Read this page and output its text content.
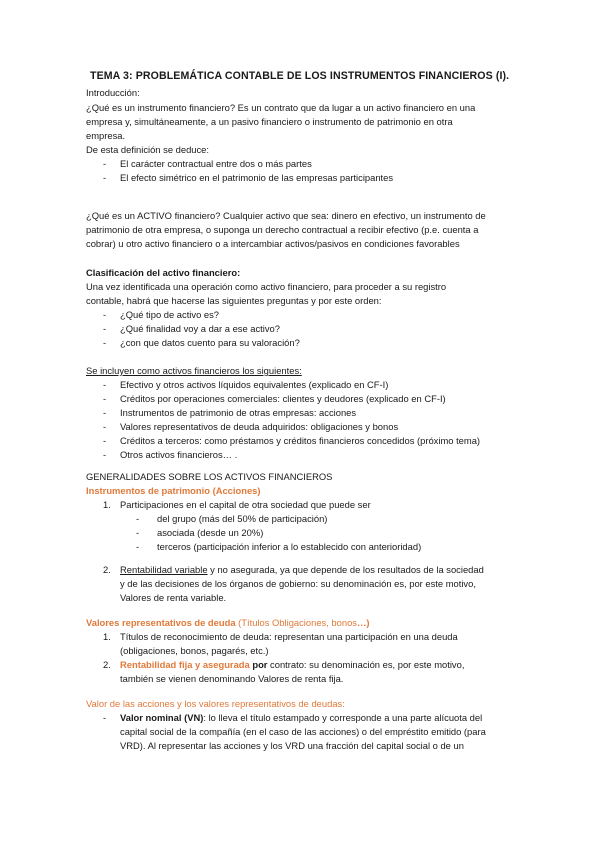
TEMA 3: PROBLEMÁTICA CONTABLE DE LOS INSTRUMENTOS FINANCIEROS (I).
Introducción:
¿Qué es un instrumento financiero? Es un contrato que da lugar a un activo financiero en una
empresa y, simultáneamente, a un pasivo financiero o instrumento de patrimonio en otra
empresa.
De esta definición se deduce:
- El carácter contractual entre dos o más partes
- El efecto simétrico en el patrimonio de las empresas participantes
¿Qué es un ACTIVO financiero? Cualquier activo que sea: dinero en efectivo, un instrumento de
patrimonio de otra empresa, o suponga un derecho contractual a recibir efectivo (p.e. cuenta a
cobrar) u otro activo financiero o a intercambiar activos/pasivos en condiciones favorables
Clasificación del activo financiero:
Una vez identificada una operación como activo financiero, para proceder a su registro
contable, habrá que hacerse las siguientes preguntas y por este orden:
- ¿Qué tipo de activo es?
- ¿Qué finalidad voy a dar a ese activo?
- ¿con que datos cuento para su valoración?
Se incluyen como activos financieros los siguientes:
- Efectivo y otros activos líquidos equivalentes (explicado en CF-I)
- Créditos por operaciones comerciales: clientes y deudores (explicado en CF-I)
- Instrumentos de patrimonio de otras empresas: acciones
- Valores representativos de deuda adquiridos: obligaciones y bonos
- Créditos a terceros: como préstamos y créditos financieros concedidos (próximo tema)
- Otros activos financieros… .
GENERALIDADES SOBRE LOS ACTIVOS FINANCIEROS
Instrumentos de patrimonio (Acciones)
1. Participaciones en el capital de otra sociedad que puede ser
- del grupo (más del 50% de participación)
- asociada (desde un 20%)
- terceros (participación inferior a lo establecido con anterioridad)
2. Rentabilidad variable y no asegurada, ya que depende de los resultados de la sociedad
y de las decisiones de los órganos de gobierno: su denominación es, por este motivo,
Valores de renta variable.
Valores representativos de deuda (Títulos Obligaciones, bonos…)
1. Títulos de reconocimiento de deuda: representan una participación en una deuda
(obligaciones, bonos, pagarés, etc.)
2. Rentabilidad fija y asegurada por contrato: su denominación es, por este motivo,
también se vienen denominando Valores de renta fija.
Valor de las acciones y los valores representativos de deudas:
- Valor nominal (VN): lo lleva el título estampado y corresponde a una parte alícuota del
capital social de la compañía (en el caso de las acciones) o del empréstito emitido (para
VRD). Al representar las acciones y los VRD una fracción del capital social o de un
